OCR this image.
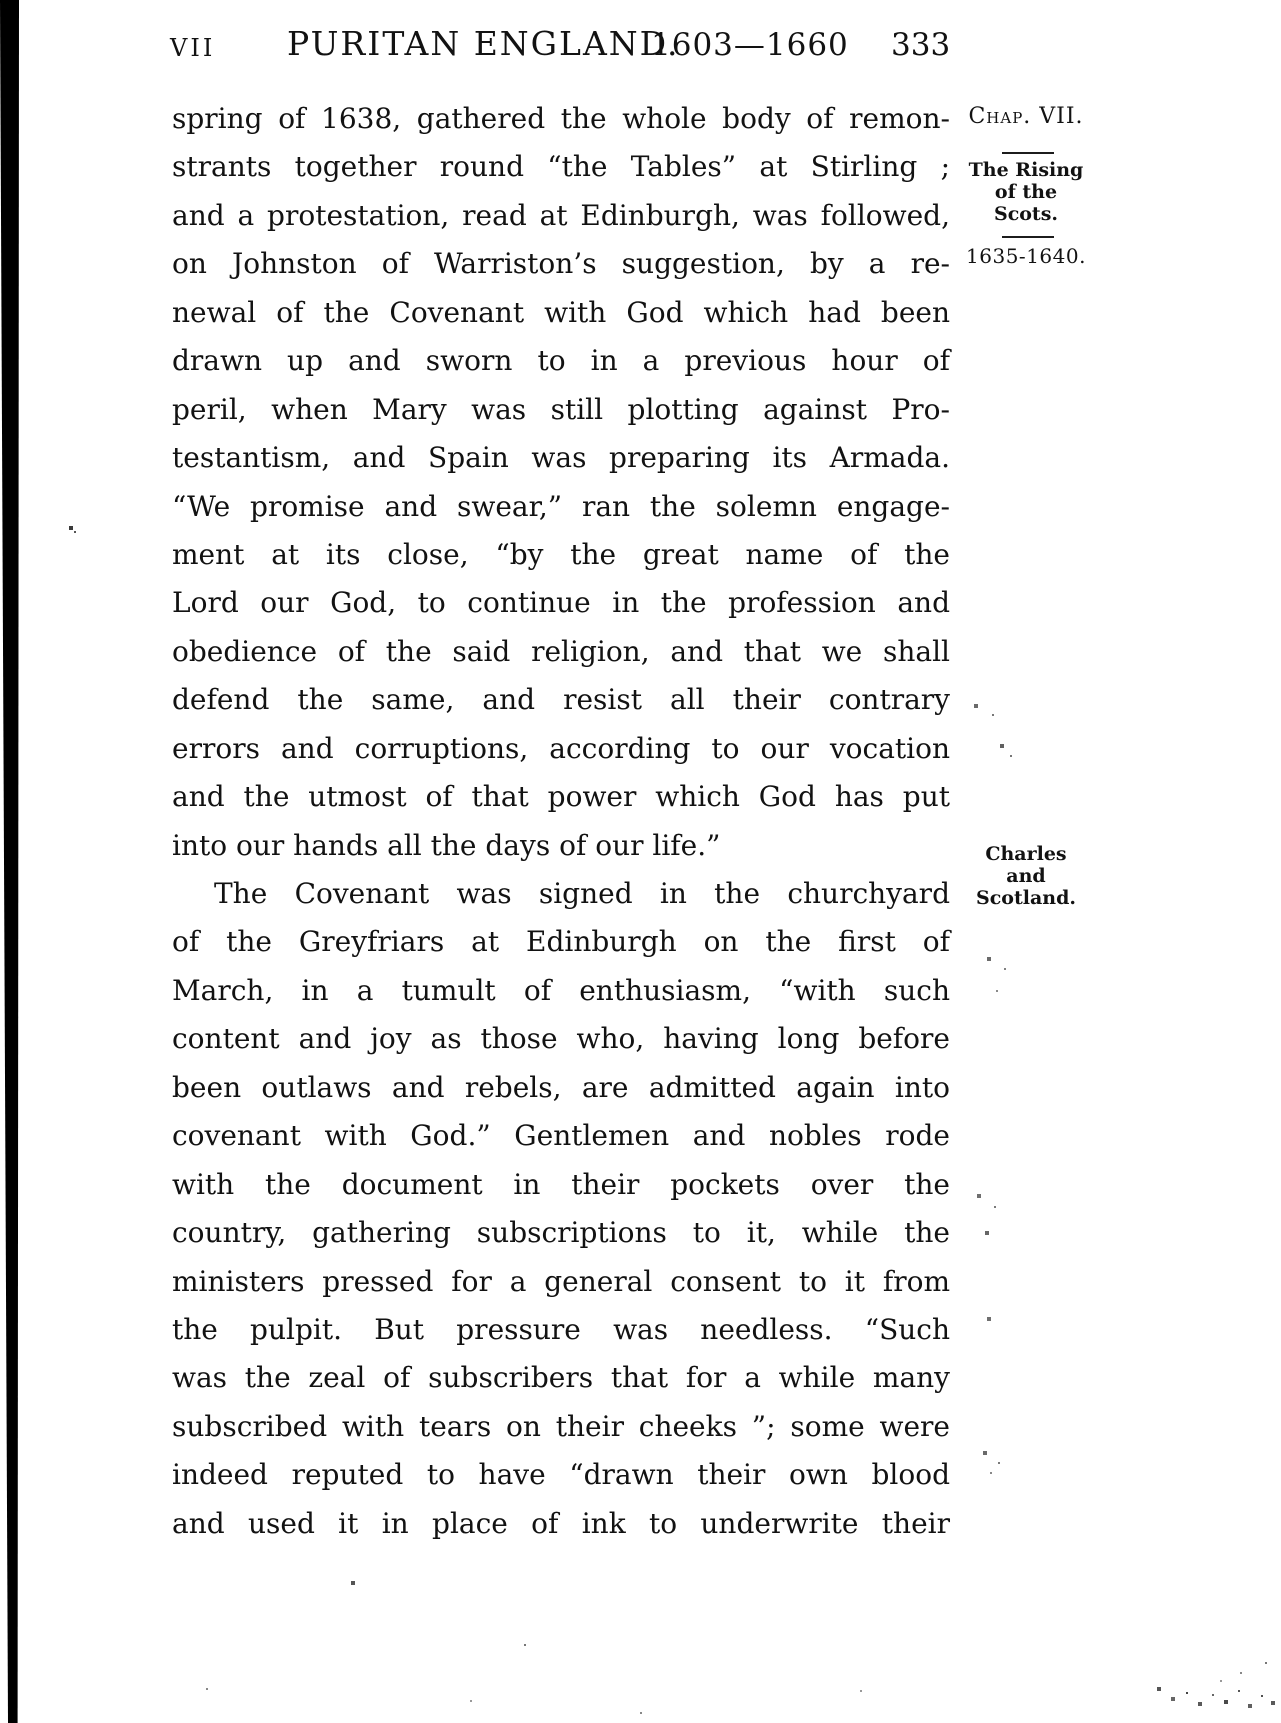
VII PURITAN ENGLAND.
1603—1660 333
spring of 1638, gathered the whole body of remon-
strants together round “the Tables” at Stirling ;
and a protestation, read at Edinburgh, was followed,
on Johnston of Warriston’s suggestion, by a re-
newal of the Covenant with God which had been
drawn up and sworn to in a previous hour of
peril, when Mary was still plotting against Pro-
testantism, and Spain was preparing its Armada.
“We promise and swear,” ran the solemn engage-
ment at its close, “by the great name of the
Lord our God, to continue in the profession and
obedience of the said religion, and that we shall
defend the same, and resist all their contrary
errors and corruptions, according to our vocation
and the utmost of that power which God has put
into our hands all the days of our life.”
The Covenant was signed in the churchyard
of the Greyfriars at Edinburgh on the first of
March, in a tumult of enthusiasm, “with such
content and joy as those who, having long before
been outlaws and rebels, are admitted again into
covenant with God.” Gentlemen and nobles rode
with the document in their pockets over the
country, gathering subscriptions to it, while the
ministers pressed for a general consent to it from
the pulpit. But pressure was needless. “Such
was the zeal of subscribers that for a while many
subscribed with tears on their cheeks ”; some were
indeed reputed to have “drawn their own blood
and used it in place of ink to underwrite their
Chap. VII.
The Rising
of the
Scots.
1635-1640.
Charles
and
Scotland.
